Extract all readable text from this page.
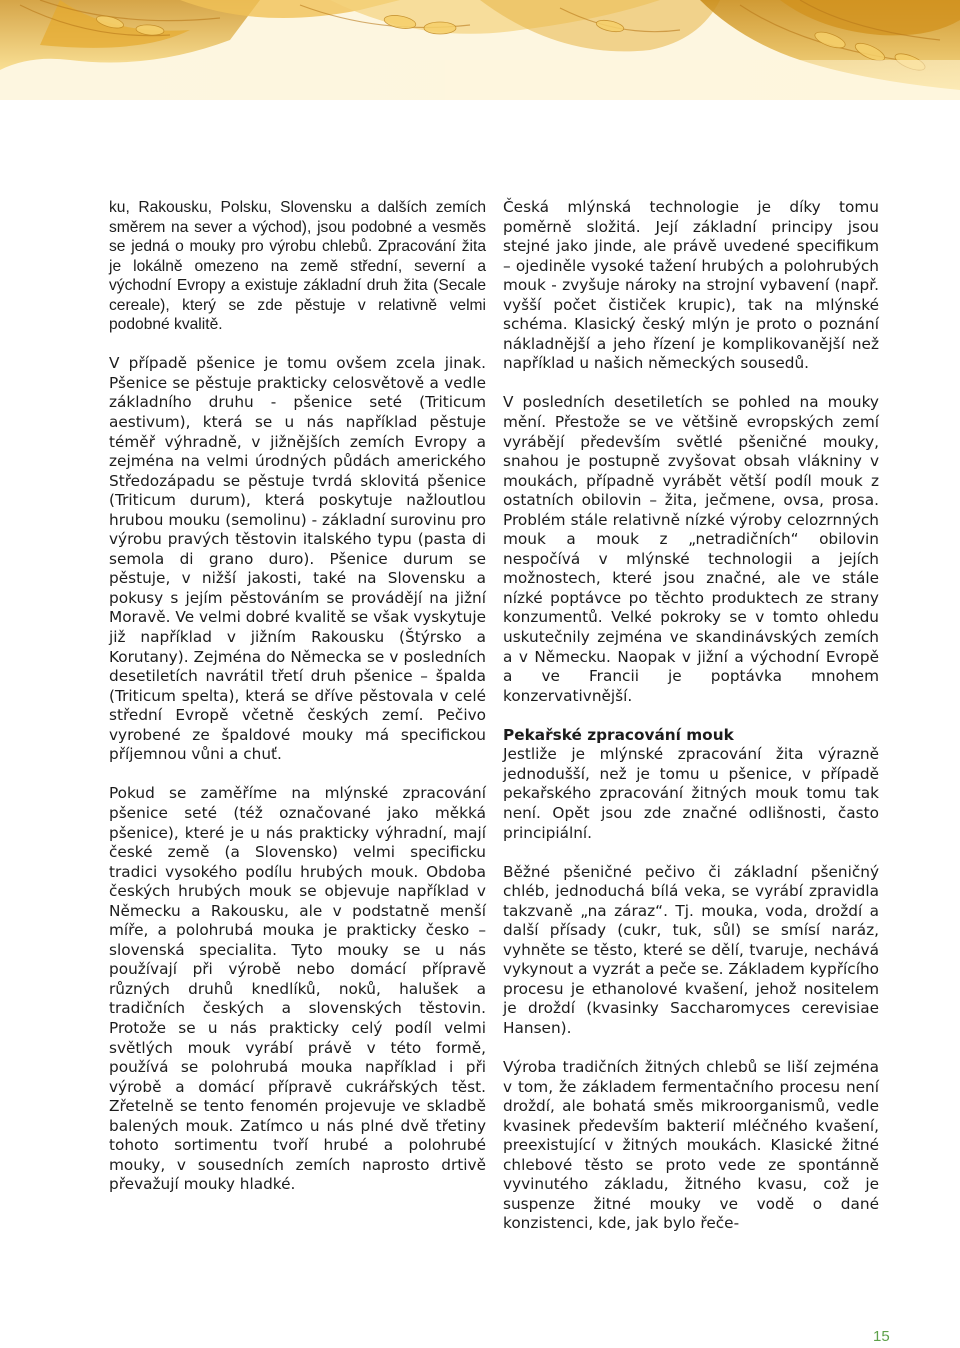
ku, Rakousku, Polsku, Slovensku a dalších zemích směrem na sever a východ), jsou podobné a vesměs se jedná o mouky pro výrobu chlebů. Zpracování žita je lokálně omezeno na země střední, severní a východní Evropy a existuje základní druh žita (Secale cereale), který se zde pěstuje v relativně velmi podobné kvalitě.

V případě pšenice je tomu ovšem zcela jinak. Pšenice se pěstuje prakticky celosvětově a vedle základního druhu - pšenice seté (Triticum aestivum), která se u nás například pěstuje téměř výhradně, v jižnějších zemích Evropy a zejména na velmi úrodných půdách amerického Středozápadu se pěstuje tvrdá sklovitá pšenice (Triticum durum), která poskytuje nažloutlou hrubou mouku (semolinu) - základní surovinu pro výrobu pravých těstovin italského typu (pasta di semola di grano duro). Pšenice durum se pěstuje, v nižší jakosti, také na Slovensku a pokusy s jejím pěstováním se provádějí na jižní Moravě. Ve velmi dobré kvalitě se však vyskytuje již například v jižním Rakousku (Štýrsko a Korutany). Zejména do Německa se v posledních desetiletích navrátil třetí druh pšenice – špalda (Triticum spelta), která se dříve pěstovala v celé střední Evropě včetně českých zemí. Pečivo vyrobené ze špaldové mouky má specifickou příjemnou vůni a chuť.

Pokud se zaměříme na mlýnské zpracování pšenice seté (též označované jako měkká pšenice), které je u nás prakticky výhradní, mají české země (a Slovensko) velmi specificku tradici vysokého podílu hrubých mouk. Obdoba českých hrubých mouk se objevuje například v Německu a Rakousku, ale v podstatně menší míře, a polohrubá mouka je prakticky česko – slovenská specialita. Tyto mouky se u nás používají při výrobě nebo domácí přípravě různých druhů knedlíků, noků, halušek a tradičních českých a slovenských těstovin. Protože se u nás prakticky celý podíl velmi světlých mouk vyrábí právě v této formě, používá se polohrubá mouka například i při výrobě a domácí přípravě cukrářských těst. Zřetelně se tento fenomén projevuje ve skladbě balených mouk. Zatímco u nás plné dvě třetiny tohoto sortimentu tvoří hrubé a polohrubé mouky, v sousedních zemích naprosto drtivě převažují mouky hladké.

Česká mlýnská technologie je díky tomu poměrně složitá. Její základní principy jsou stejné jako jinde, ale právě uvedené specifikum – ojediněle vysoké tažení hrubých a polohrubých mouk - zvyšuje nároky na strojní vybavení (např. vyšší počet čističek krupic), tak na mlýnské schéma. Klasický český mlýn je proto o poznání nákladnější a jeho řízení je komplikovanější než například u našich německých sousedů.

V posledních desetiletích se pohled na mouky mění. Přestože se ve většině evropských zemí vyrábějí především světlé pšeničné mouky, snahou je postupně zvyšovat obsah vlákniny v moukách, případně vyrábět větší podíl mouk z ostatních obilovin – žita, ječmene, ovsa, prosa. Problém stále relativně nízké výroby celozrnných mouk a mouk z „netradičních“ obilovin nespočívá v mlýnské technologii a jejích možnostech, které jsou značné, ale ve stále nízké poptávce po těchto produktech ze strany konzumentů. Velké pokroky se v tomto ohledu uskutečnily zejména ve skandinávských zemích a v Německu. Naopak v jižní a východní Evropě a ve Francii je poptávka mnohem konzervativnější.

Pekařské zpracování mouk

Jestliže je mlýnské zpracování žita výrazně jednodušší, než je tomu u pšenice, v případě pekařského zpracování žitných mouk tomu tak není. Opět jsou zde značné odlišnosti, často principiální.

Běžné pšeničné pečivo či základní pšeničný chléb, jednoduchá bílá veka, se vyrábí zpravidla takzvaně „na záraz“. Tj. mouka, voda, droždí a další přísady (cukr, tuk, sůl) se smísí naráz, vyhněte se těsto, které se dělí, tvaruje, nechává vykynout a vyzrát a peče se. Základem kypřícího procesu je ethanolové kvašení, jehož nositelem je droždí (kvasinky Saccharomyces cerevisiae Hansen).

Výroba tradičních žitných chlebů se liší zejména v tom, že základem fermentačního procesu není droždí, ale bohatá směs mikroorganismů, vedle kvasinek především bakterií mléčného kvašení, preexistující v žitných moukách. Klasické žitné chlebové těsto se proto vede ze spontánně vyvinutého základu, žitného kvasu, což je suspenze žitné mouky ve vodě o dané konzistenci, kde, jak bylo řeče-

15
